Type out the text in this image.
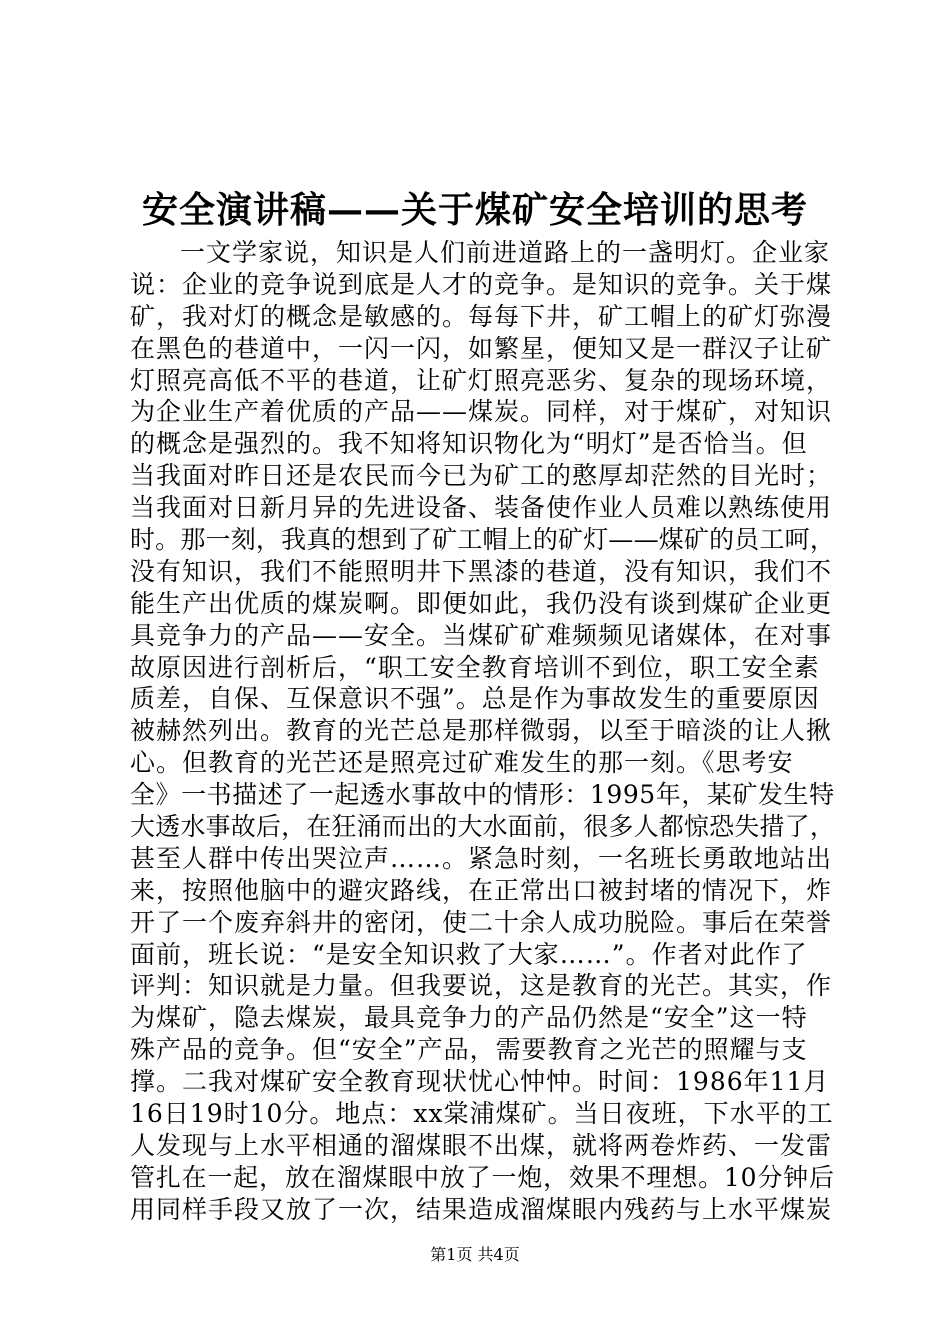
安全演讲稿——关于煤矿安全培训的思考
一文学家说，知识是人们前进道路上的一盏明灯。企业家
说：企业的竞争说到底是人才的竞争。是知识的竞争。关于煤
矿，我对灯的概念是敏感的。每每下井，矿工帽上的矿灯弥漫
在黑色的巷道中，一闪一闪，如繁星，便知又是一群汉子让矿
灯照亮高低不平的巷道，让矿灯照亮恶劣、复杂的现场环境，
为企业生产着优质的产品——煤炭。同样，对于煤矿，对知识
的概念是强烈的。我不知将知识物化为“明灯”是否恰当。但
当我面对昨日还是农民而今已为矿工的憨厚却茫然的目光时；
当我面对日新月异的先进设备、装备使作业人员难以熟练使用
时。那一刻，我真的想到了矿工帽上的矿灯——煤矿的员工呵，
没有知识，我们不能照明井下黑漆的巷道，没有知识，我们不
能生产出优质的煤炭啊。即便如此，我仍没有谈到煤矿企业更
具竞争力的产品——安全。当煤矿矿难频频见诸媒体，在对事
故原因进行剖析后，“职工安全教育培训不到位，职工安全素
质差，自保、互保意识不强”。总是作为事故发生的重要原因
被赫然列出。教育的光芒总是那样微弱，以至于暗淡的让人揪
心。但教育的光芒还是照亮过矿难发生的那一刻。《思考安
全》一书描述了一起透水事故中的情形：1995年，某矿发生特
大透水事故后，在狂涌而出的大水面前，很多人都惊恐失措了，
甚至人群中传出哭泣声……。紧急时刻，一名班长勇敢地站出
来，按照他脑中的避灾路线，在正常出口被封堵的情况下，炸
开了一个废弃斜井的密闭，使二十余人成功脱险。事后在荣誉
面前，班长说：“是安全知识救了大家……”。作者对此作了
评判：知识就是力量。但我要说，这是教育的光芒。其实，作
为煤矿，隐去煤炭，最具竞争力的产品仍然是“安全”这一特
殊产品的竞争。但“安全”产品，需要教育之光芒的照耀与支
撑。二我对煤矿安全教育现状忧心忡忡。时间：1986年11月
16日19时10分。地点：xx棠浦煤矿。当日夜班，下水平的工
人发现与上水平相通的溜煤眼不出煤，就将两卷炸药、一发雷
管扎在一起，放在溜煤眼中放了一炮，效果不理想。10分钟后
用同样手段又放了一次，结果造成溜煤眼内残药与上水平煤炭
第1页 共4页
